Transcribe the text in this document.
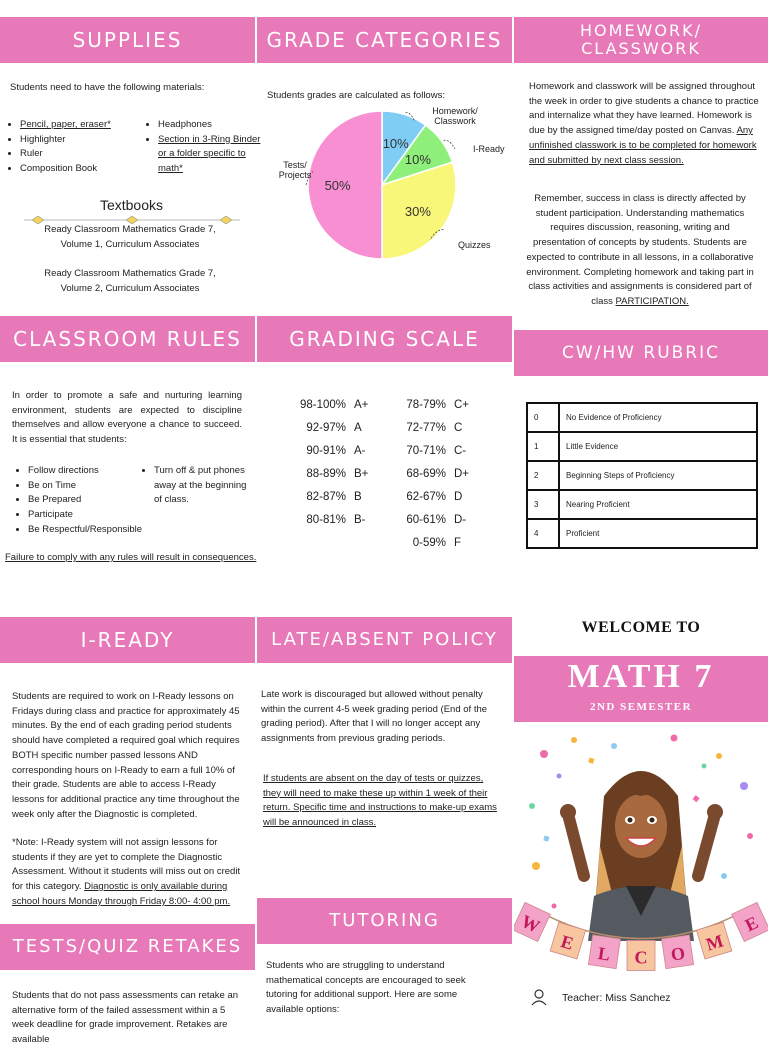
SUPPLIES
Students need to have the following materials:
• Pencil, paper, eraser*
• Highlighter
• Ruler
• Composition Book
• Headphones
• Section in 3-Ring Binder or a folder specific to math*
Textbooks
Ready Classroom Mathematics Grade 7, Volume 1, Curriculum Associates
Ready Classroom Mathematics Grade 7, Volume 2, Curriculum Associates
GRADE CATEGORIES
Students grades are calculated as follows:
10%
Homework/ Classwork
10%
I-Ready
30%
Quizzes
50%
Tests/ Projects
HOMEWORK/ CLASSWORK
Homework and classwork will be assigned throughout the week in order to give students a chance to practice and internalize what they have learned. Homework is due by the assigned time/day posted on Canvas. Any unfinished classwork is to be completed for homework and submitted by next class session.
Remember, success in class is directly affected by student participation. Understanding mathematics requires discussion, reasoning, writing and presentation of concepts by students. Students are expected to contribute in all lessons, in a collaborative environment. Completing homework and taking part in class activities and assignments is considered part of class PARTICIPATION.
CLASSROOM RULES
In order to promote a safe and nurturing learning environment, students are expected to discipline themselves and allow everyone a chance to succeed. It is essential that students:
• Follow directions
• Be on Time
• Be Prepared
• Participate
• Be Respectful/Responsible
• Turn off & put phones away at the beginning of class.
Failure to comply with any rules will result in consequences.
GRADING SCALE
98-100% A+
92-97% A
90-91% A-
88-89% B+
82-87% B
80-81% B-
78-79% C+
72-77% C
70-71% C-
68-69% D+
62-67% D
60-61% D-
0-59% F
CW/HW RUBRIC
0	No Evidence of Proficiency
1	Little Evidence
2	Beginning Steps of Proficiency
3	Nearing Proficient
4	Proficient
I-READY
Students are required to work on I-Ready lessons on Fridays during class and practice for approximately 45 minutes. By the end of each grading period students should have completed a required goal which requires BOTH specific number passed lessons AND corresponding hours on I-Ready to earn a full 10% of their grade. Students are able to access I-Ready lessons for additional practice any time throughout the week only after the Diagnostic is completed.
*Note: I-Ready system will not assign lessons for students if they are yet to complete the Diagnostic Assessment. Without it students will miss out on credit for this category. Diagnostic is only available during school hours Monday through Friday 8:00- 4:00 pm.
LATE/ABSENT POLICY
Late work is discouraged but allowed without penalty within the current 4-5 week grading period (End of the grading period). After that I will no longer accept any assignments from previous grading periods.
If students are absent on the day of tests or quizzes, they will need to make these up within 1 week of their return. Specific time and instructions to make-up exams will be announced in class.
TUTORING
Students who are struggling to understand mathematical concepts are encouraged to seek tutoring for additional support. Here are some available options:
TESTS/QUIZ RETAKES
Students that do not pass assessments can retake an alternative form of the failed assessment within a 5 week deadline for grade improvement. Retakes are available
WELCOME TO
MATH 7
2ND SEMESTER
W
E L C O M
E
Teacher: Miss Sanchez
